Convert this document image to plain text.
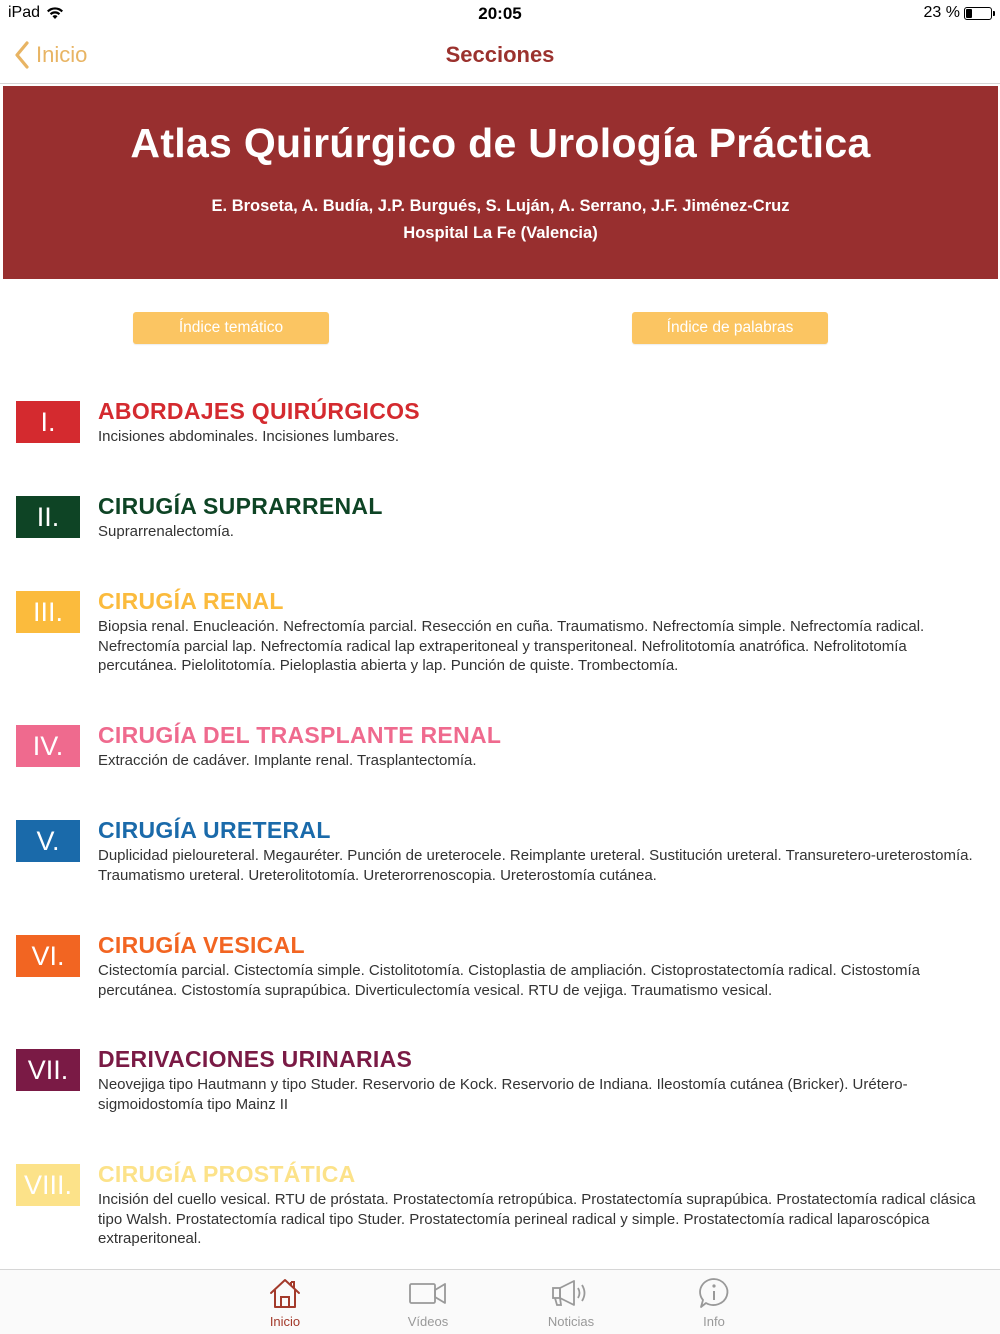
iPad	20:05	23 %
Inicio	Secciones
Atlas Quirúrgico de Urología Práctica
E. Broseta, A. Budía, J.P. Burgués, S. Luján, A. Serrano, J.F. Jiménez-Cruz
Hospital La Fe (Valencia)
Índice temático	Índice de palabras
I.	ABORDAJES QUIRÚRGICOS
Incisiones abdominales. Incisiones lumbares.
II.	CIRUGÍA SUPRARRENAL
Suprarrenalectomía.
III.	CIRUGÍA RENAL
Biopsia renal. Enucleación. Nefrectomía parcial. Resección en cuña. Traumatismo. Nefrectomía simple. Nefrectomía radical. Nefrectomía parcial lap. Nefrectomía radical lap extraperitoneal y transperitoneal. Nefrolitotomía anatrófica. Nefrolitotomía percutánea. Pielolitotomía. Pieloplastia abierta y lap. Punción de quiste. Trombectomía.
IV.	CIRUGÍA DEL TRASPLANTE RENAL
Extracción de cadáver. Implante renal. Trasplantectomía.
V.	CIRUGÍA URETERAL
Duplicidad pieloureteral. Megauréter. Punción de ureterocele. Reimplante ureteral. Sustitución ureteral. Transuretero-ureterostomía. Traumatismo ureteral. Ureterolitotomía. Ureterorrenoscopia. Ureterostomía cutánea.
VI.	CIRUGÍA VESICAL
Cistectomía parcial. Cistectomía simple. Cistolitotomía. Cistoplastia de ampliación. Cistoprostatectomía radical. Cistostomía percutánea. Cistostomía suprapúbica. Diverticulectomía vesical. RTU de vejiga. Traumatismo vesical.
VII.	DERIVACIONES URINARIAS
Neovejiga tipo Hautmann y tipo Studer. Reservorio de Kock. Reservorio de Indiana. Ileostomía cutánea (Bricker). Urétero-sigmoidostomía tipo Mainz II
VIII.	CIRUGÍA PROSTÁTICA
Incisión del cuello vesical. RTU de próstata. Prostatectomía retropúbica. Prostatectomía suprapúbica. Prostatectomía radical clásica tipo Walsh. Prostatectomía radical tipo Studer. Prostatectomía perineal radical y simple. Prostatectomía radical laparoscópica extraperitoneal.
Inicio	Vídeos	Noticias	Info
